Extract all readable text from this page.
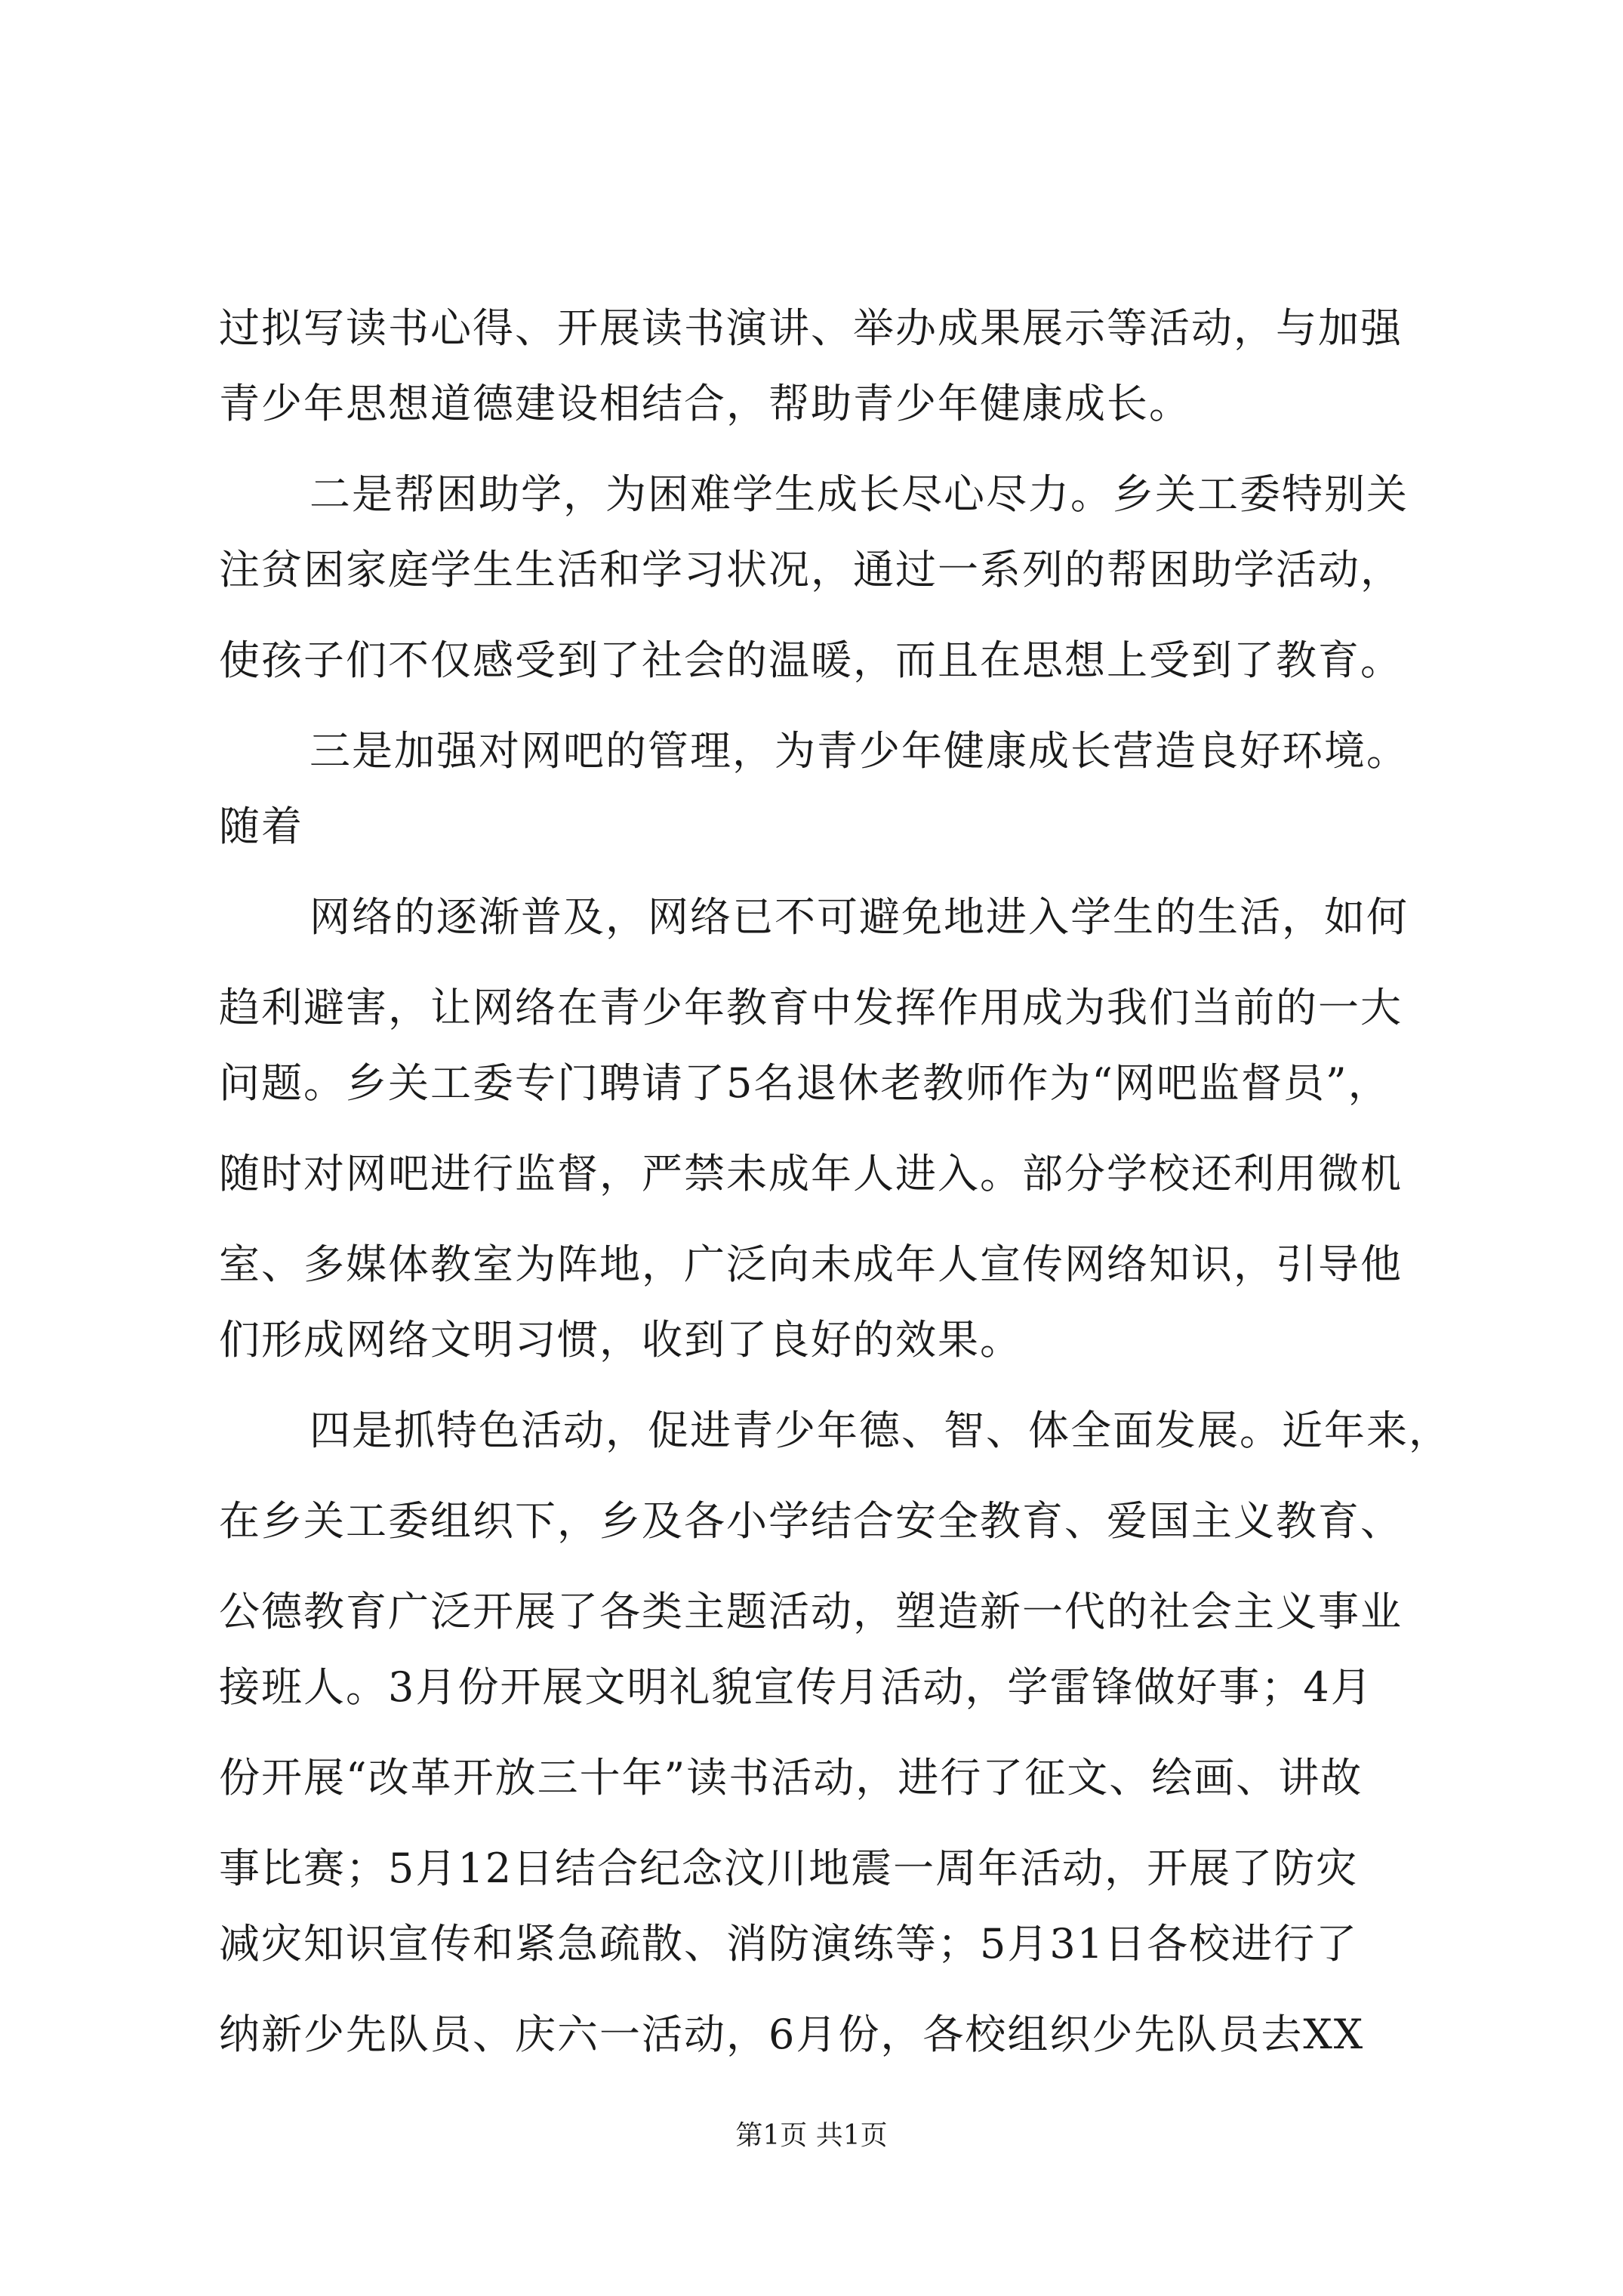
过拟写读书心得、开展读书演讲、举办成果展示等活动，与加强
青少年思想道德建设相结合，帮助青少年健康成长。
二是帮困助学，为困难学生成长尽心尽力。乡关工委特别关
注贫困家庭学生生活和学习状况，通过一系列的帮困助学活动，
使孩子们不仅感受到了社会的温暖，而且在思想上受到了教育。
三是加强对网吧的管理，为青少年健康成长营造良好环境。
随着
网络的逐渐普及，网络已不可避免地进入学生的生活，如何
趋利避害，让网络在青少年教育中发挥作用成为我们当前的一大
问题。乡关工委专门聘请了5名退休老教师作为“网吧监督员”，
随时对网吧进行监督，严禁未成年人进入。部分学校还利用微机
室、多媒体教室为阵地，广泛向未成年人宣传网络知识，引导他
们形成网络文明习惯，收到了良好的效果。
四是抓特色活动，促进青少年德、智、体全面发展。近年来，
在乡关工委组织下，乡及各小学结合安全教育、爱国主义教育、
公德教育广泛开展了各类主题活动，塑造新一代的社会主义事业
接班人。3月份开展文明礼貌宣传月活动，学雷锋做好事；4月
份开展“改革开放三十年”读书活动，进行了征文、绘画、讲故
事比赛；5月12日结合纪念汶川地震一周年活动，开展了防灾
减灾知识宣传和紧急疏散、消防演练等；5月31日各校进行了
纳新少先队员、庆六一活动，6月份，各校组织少先队员去XX
第1页 共1页
